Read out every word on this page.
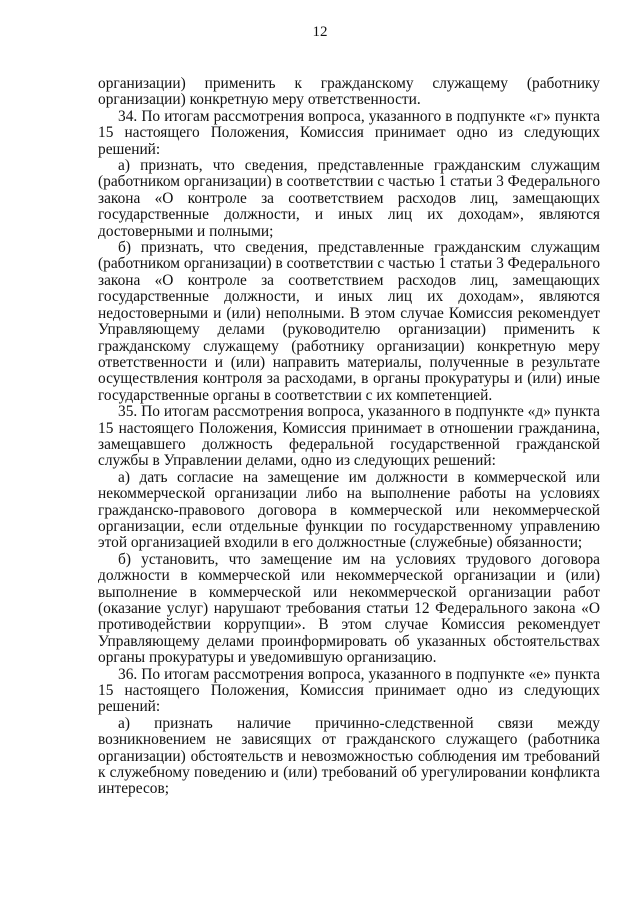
12

организации) применить к гражданскому служащему (работнику организации) конкретную меру ответственности.

34. По итогам рассмотрения вопроса, указанного в подпункте «г» пункта 15 настоящего Положения, Комиссия принимает одно из следующих решений:

а) признать, что сведения, представленные гражданским служащим (работником организации) в соответствии с частью 1 статьи 3 Федерального закона «О контроле за соответствием расходов лиц, замещающих государственные должности, и иных лиц их доходам», являются достоверными и полными;

б) признать, что сведения, представленные гражданским служащим (работником организации) в соответствии с частью 1 статьи 3 Федерального закона «О контроле за соответствием расходов лиц, замещающих государственные должности, и иных лиц их доходам», являются недостоверными и (или) неполными. В этом случае Комиссия рекомендует Управляющему делами (руководителю организации) применить к гражданскому служащему (работнику организации) конкретную меру ответственности и (или) направить материалы, полученные в результате осуществления контроля за расходами, в органы прокуратуры и (или) иные государственные органы в соответствии с их компетенцией.

35. По итогам рассмотрения вопроса, указанного в подпункте «д» пункта 15 настоящего Положения, Комиссия принимает в отношении гражданина, замещавшего должность федеральной государственной гражданской службы в Управлении делами, одно из следующих решений:

а) дать согласие на замещение им должности в коммерческой или некоммерческой организации либо на выполнение работы на условиях гражданско-правового договора в коммерческой или некоммерческой организации, если отдельные функции по государственному управлению этой организацией входили в его должностные (служебные) обязанности;

б) установить, что замещение им на условиях трудового договора должности в коммерческой или некоммерческой организации и (или) выполнение в коммерческой или некоммерческой организации работ (оказание услуг) нарушают требования статьи 12 Федерального закона «О противодействии коррупции». В этом случае Комиссия рекомендует Управляющему делами проинформировать об указанных обстоятельствах органы прокуратуры и уведомившую организацию.

36. По итогам рассмотрения вопроса, указанного в подпункте «е» пункта 15 настоящего Положения, Комиссия принимает одно из следующих решений:

а) признать наличие причинно-следственной связи между возникновением не зависящих от гражданского служащего (работника организации) обстоятельств и невозможностью соблюдения им требований к служебному поведению и (или) требований об урегулировании конфликта интересов;
